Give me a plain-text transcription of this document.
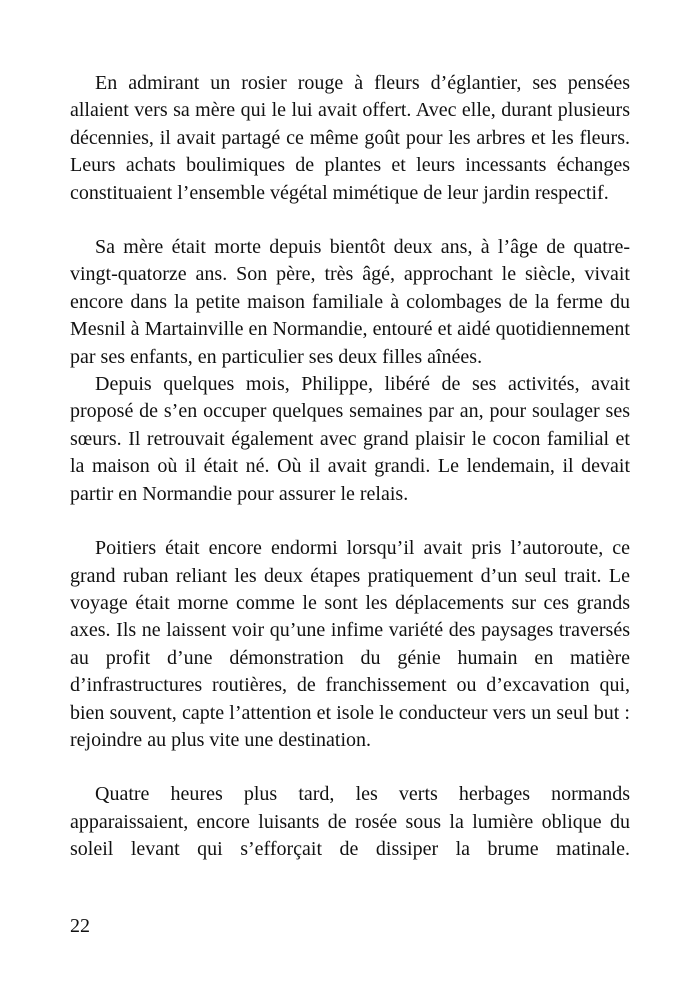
En admirant un rosier rouge à fleurs d’églantier, ses pensées allaient vers sa mère qui le lui avait offert. Avec elle, durant plusieurs décennies, il avait partagé ce même goût pour les arbres et les fleurs. Leurs achats boulimiques de plantes et leurs incessants échanges constituaient l’ensemble végétal mimétique de leur jardin respectif.

Sa mère était morte depuis bientôt deux ans, à l’âge de quatre-vingt-quatorze ans. Son père, très âgé, approchant le siècle, vivait encore dans la petite maison familiale à colombages de la ferme du Mesnil à Martainville en Normandie, entouré et aidé quotidiennement par ses enfants, en particulier ses deux filles aînées.

Depuis quelques mois, Philippe, libéré de ses activités, avait proposé de s’en occuper quelques semaines par an, pour soulager ses sœurs. Il retrouvait également avec grand plaisir le cocon familial et la maison où il était né. Où il avait grandi. Le lendemain, il devait partir en Normandie pour assurer le relais.

Poitiers était encore endormi lorsqu’il avait pris l’autoroute, ce grand ruban reliant les deux étapes pratiquement d’un seul trait. Le voyage était morne comme le sont les déplacements sur ces grands axes. Ils ne laissent voir qu’une infime variété des paysages traversés au profit d’une démonstration du génie humain en matière d’infrastructures routières, de franchissement ou d’excavation qui, bien souvent, capte l’attention et isole le conducteur vers un seul but : rejoindre au plus vite une destination.

Quatre heures plus tard, les verts herbages normands apparaissaient, encore luisants de rosée sous la lumière oblique du soleil levant qui s’efforçait de dissiper la brume matinale.

22
